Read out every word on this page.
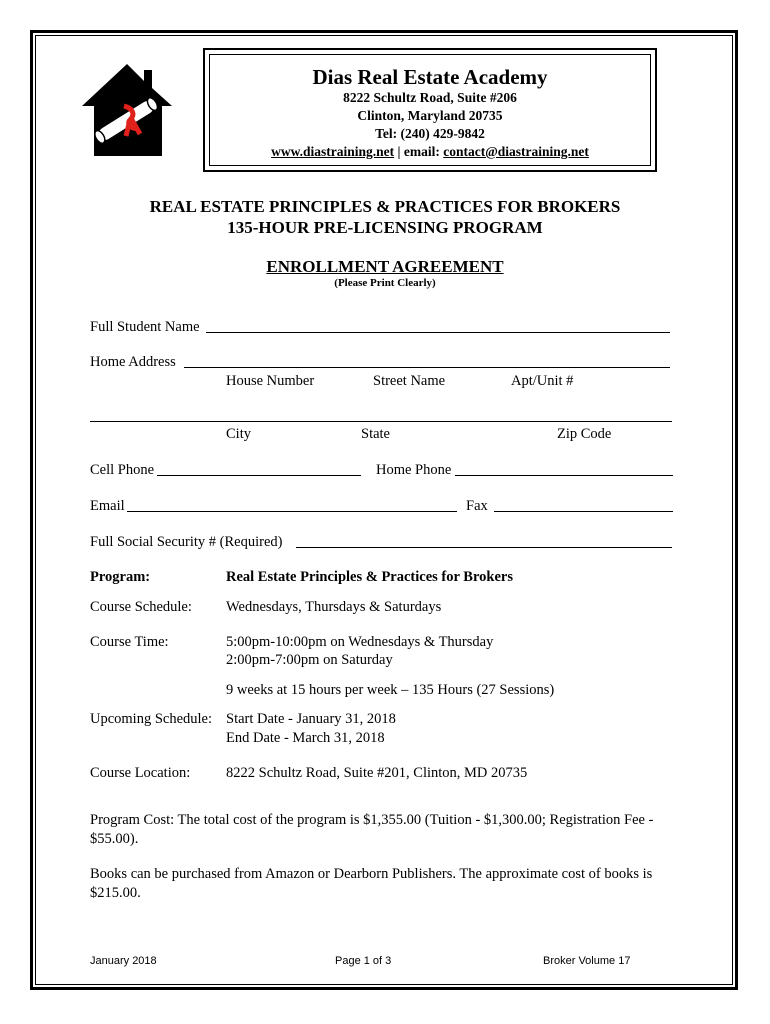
Dias Real Estate Academy
8222 Schultz Road, Suite #206
Clinton, Maryland 20735
Tel: (240) 429-9842
www.diastraining.net | email: contact@diastraining.net
REAL ESTATE PRINCIPLES & PRACTICES FOR BROKERS
135-HOUR PRE-LICENSING PROGRAM
ENROLLMENT AGREEMENT
(Please Print Clearly)
Full Student Name
Home Address
House Number	Street Name	Apt/Unit #
City	State	Zip Code
Cell Phone	Home Phone
Email	Fax
Full Social Security # (Required)
Program:	Real Estate Principles & Practices for Brokers
Course Schedule: Wednesdays, Thursdays & Saturdays
Course Time:	5:00pm-10:00pm on Wednesdays & Thursday
2:00pm-7:00pm on Saturday
9 weeks at 15 hours per week – 135 Hours (27 Sessions)
Upcoming Schedule: Start Date - January 31, 2018
End Date - March 31, 2018
Course Location: 8222 Schultz Road, Suite #201, Clinton, MD 20735
Program Cost: The total cost of the program is $1,355.00 (Tuition - $1,300.00; Registration Fee - $55.00).
Books can be purchased from Amazon or Dearborn Publishers. The approximate cost of books is $215.00.
January 2018	Page 1 of 3	Broker Volume 17
